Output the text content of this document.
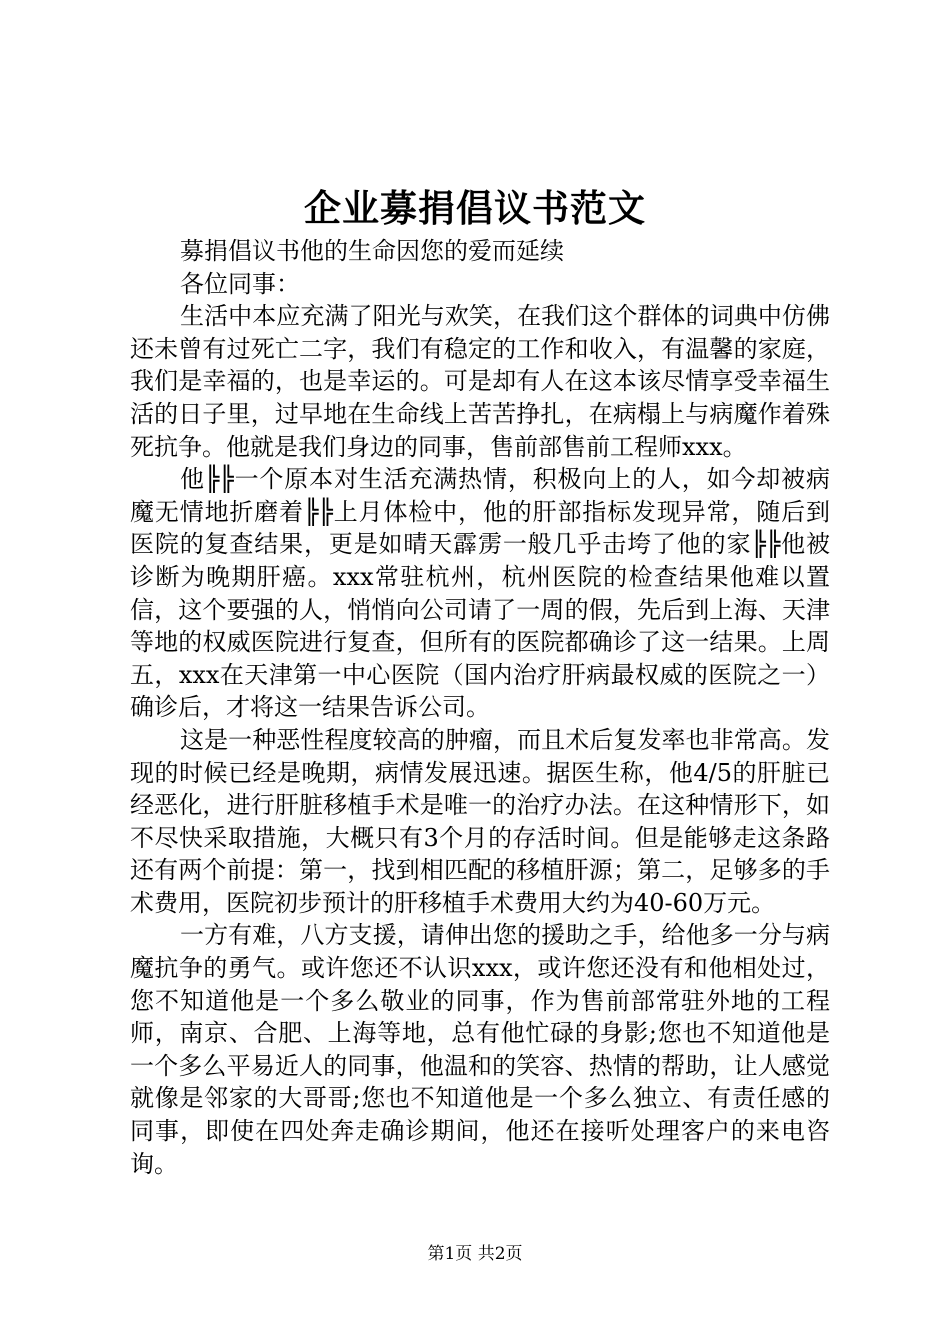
企业募捐倡议书范文

募捐倡议书他的生命因您的爱而延续

各位同事：

生活中本应充满了阳光与欢笑，在我们这个群体的词典中仿佛还未曾有过死亡二字，我们有稳定的工作和收入，有温馨的家庭，我们是幸福的，也是幸运的。可是却有人在这本该尽情享受幸福生活的日子里，过早地在生命线上苦苦挣扎，在病榻上与病魔作着殊死抗争。他就是我们身边的同事，售前部售前工程师xxx。

他╠╠一个原本对生活充满热情，积极向上的人，如今却被病魔无情地折磨着╠╠上月体检中，他的肝部指标发现异常，随后到医院的复查结果，更是如晴天霹雳一般几乎击垮了他的家╠╠他被诊断为晚期肝癌。xxx常驻杭州，杭州医院的检查结果他难以置信，这个要强的人，悄悄向公司请了一周的假，先后到上海、天津等地的权威医院进行复查，但所有的医院都确诊了这一结果。上周五，xxx在天津第一中心医院（国内治疗肝病最权威的医院之一）确诊后，才将这一结果告诉公司。

这是一种恶性程度较高的肿瘤，而且术后复发率也非常高。发现的时候已经是晚期，病情发展迅速。据医生称，他4/5的肝脏已经恶化，进行肝脏移植手术是唯一的治疗办法。在这种情形下，如不尽快采取措施，大概只有3个月的存活时间。但是能够走这条路还有两个前提：第一，找到相匹配的移植肝源；第二，足够多的手术费用，医院初步预计的肝移植手术费用大约为40-60万元。

一方有难，八方支援，请伸出您的援助之手，给他多一分与病魔抗争的勇气。或许您还不认识xxx，或许您还没有和他相处过，您不知道他是一个多么敬业的同事，作为售前部常驻外地的工程师，南京、合肥、上海等地，总有他忙碌的身影;您也不知道他是一个多么平易近人的同事，他温和的笑容、热情的帮助，让人感觉就像是邻家的大哥哥;您也不知道他是一个多么独立、有责任感的同事，即使在四处奔走确诊期间，他还在接听处理客户的来电咨询。

第1页 共2页
